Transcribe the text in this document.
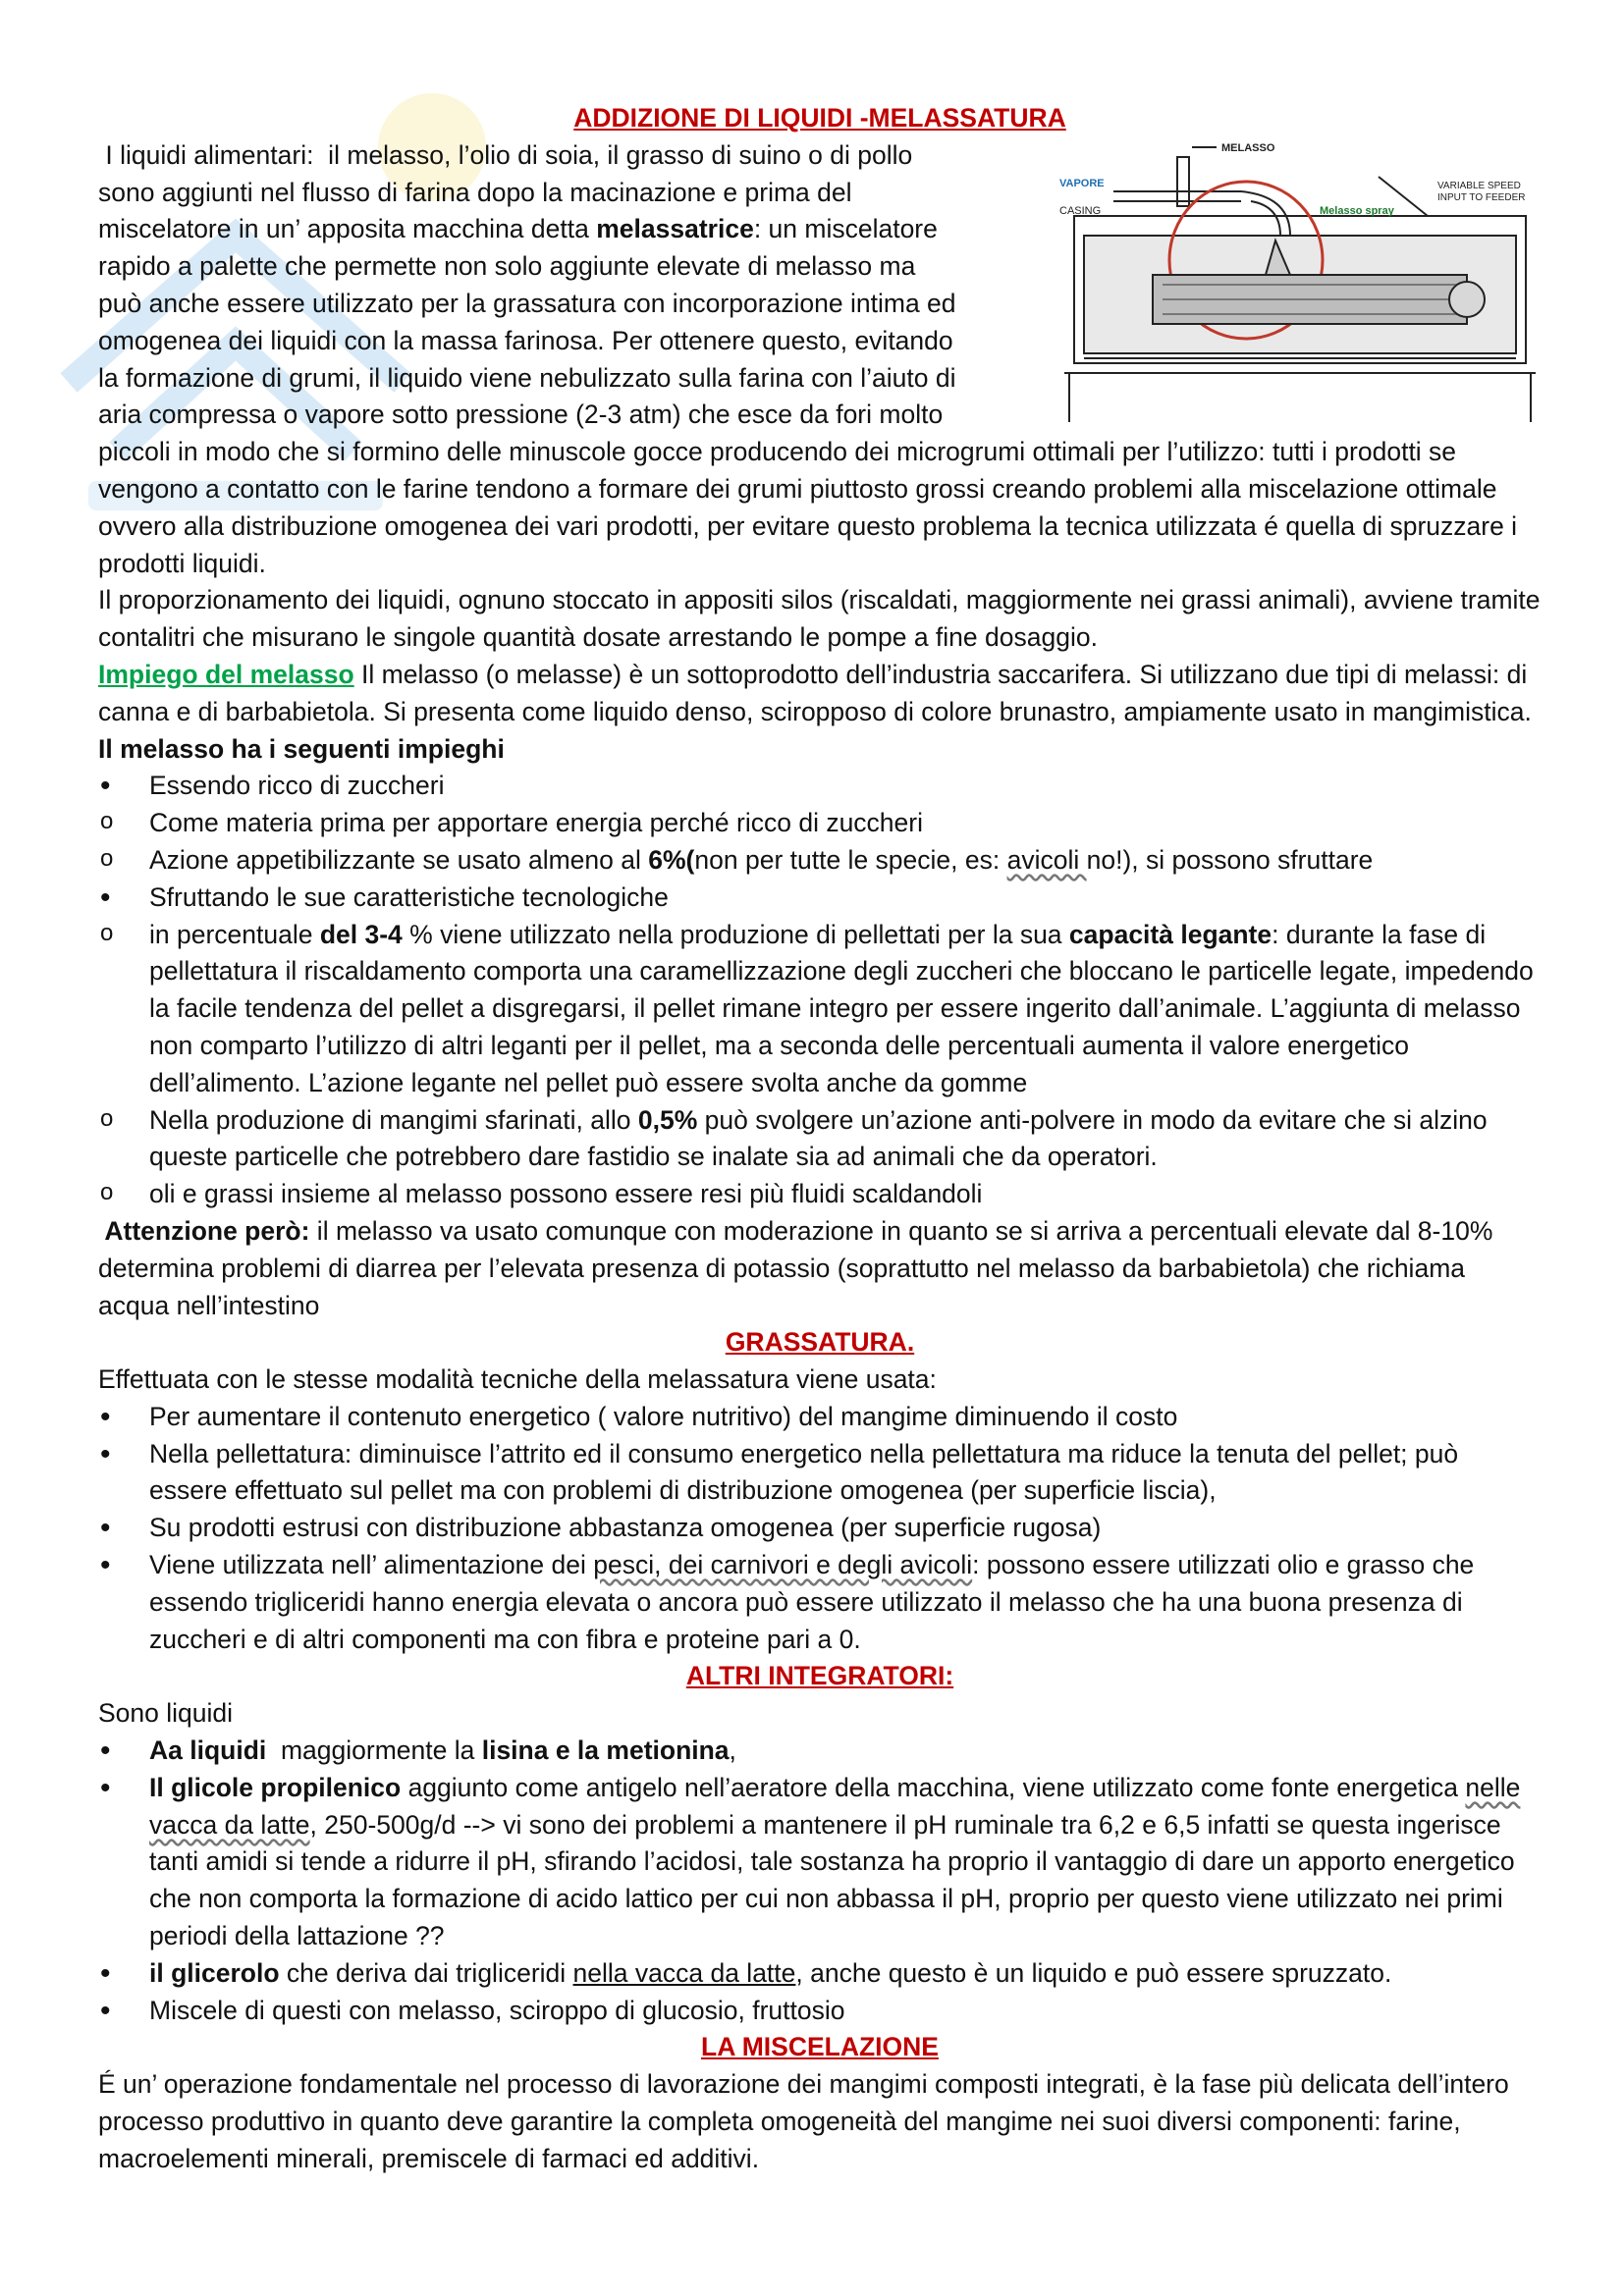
MELASSO
VAPORE
CASING	Melasso spray
VARIABLE SPEED
INPUT TO FEEDER
ADDIZIONE DI LIQUIDI -MELASSATURA
I liquidi alimentari:  il melasso, l’olio di soia, il grasso di suino o di pollo
sono aggiunti nel flusso di farina dopo la macinazione e prima del
miscelatore in un’ apposita macchina detta melassatrice: un miscelatore
rapido a palette che permette non solo aggiunte elevate di melasso ma
può anche essere utilizzato per la grassatura con incorporazione intima ed
omogenea dei liquidi con la massa farinosa. Per ottenere questo, evitando
la formazione di grumi, il liquido viene nebulizzato sulla farina con l’aiuto di
aria compressa o vapore sotto pressione (2-3 atm) che esce da fori molto

piccoli in modo che si formino delle minuscole gocce producendo dei microgrumi ottimali per l’utilizzo: tutti i prodotti se vengono a contatto con le farine tendono a formare dei grumi piuttosto grossi creando problemi alla miscelazione ottimale ovvero alla distribuzione omogenea dei vari prodotti, per evitare questo problema la tecnica utilizzata é quella di spruzzare i prodotti liquidi.

Il proporzionamento dei liquidi, ognuno stoccato in appositi silos (riscaldati, maggiormente nei grassi animali), avviene tramite contalitri che misurano le singole quantità dosate arrestando le pompe a fine dosaggio.

Impiego del melasso Il melasso (o melasse) è un sottoprodotto dell’industria saccarifera. Si utilizzano due tipi di melassi: di canna e di barbabietola. Si presenta come liquido denso, sciropposo di colore brunastro, ampiamente usato in mangimistica. Il melasso ha i seguenti impieghi

• Essendo ricco di zuccheri
o Come materia prima per apportare energia perché ricco di zuccheri
o Azione appetibilizzante se usato almeno al 6%(non per tutte le specie, es: avicoli no!), si possono sfruttare
• Sfruttando le sue caratteristiche tecnologiche
o in percentuale del 3-4 % viene utilizzato nella produzione di pellettati per la sua capacità legante: durante la fase di pellettatura il riscaldamento comporta una caramellizzazione degli zuccheri che bloccano le particelle legate, impedendo la facile tendenza del pellet a disgregarsi, il pellet rimane integro per essere ingerito dall’animale. L’aggiunta di melasso non comparto l’utilizzo di altri leganti per il pellet, ma a seconda delle percentuali aumenta il valore energetico dell’alimento. L’azione legante nel pellet può essere svolta anche da gomme
o Nella produzione di mangimi sfarinati, allo 0,5% può svolgere un’azione anti-polvere in modo da evitare che si alzino queste particelle che potrebbero dare fastidio se inalate sia ad animali che da operatori.
o oli e grassi insieme al melasso possono essere resi più fluidi scaldandoli

Attenzione però: il melasso va usato comunque con moderazione in quanto se si arriva a percentuali elevate dal 8-10% determina problemi di diarrea per l’elevata presenza di potassio (soprattutto nel melasso da barbabietola) che richiama acqua nell’intestino

GRASSATURA.

Effettuata con le stesse modalità tecniche della melassatura viene usata:

• Per aumentare il contenuto energetico ( valore nutritivo) del mangime diminuendo il costo
• Nella pellettatura: diminuisce l’attrito ed il consumo energetico nella pellettatura ma riduce la tenuta del pellet; può essere effettuato sul pellet ma con problemi di distribuzione omogenea (per superficie liscia),
• Su prodotti estrusi con distribuzione abbastanza omogenea (per superficie rugosa)
• Viene utilizzata nell’ alimentazione dei pesci, dei carnivori e degli avicoli: possono essere utilizzati olio e grasso che essendo trigliceridi hanno energia elevata o ancora può essere utilizzato il melasso che ha una buona presenza di zuccheri e di altri componenti ma con fibra e proteine pari a 0.
ALTRI INTEGRATORI:

Sono liquidi

• Aa liquidi  maggiormente la lisina e la metionina,
• Il glicole propilenico aggiunto come antigelo nell’aeratore della macchina, viene utilizzato come fonte energetica nelle vacca da latte, 250-500g/d --> vi sono dei problemi a mantenere il pH ruminale tra 6,2 e 6,5 infatti se questa ingerisce tanti amidi si tende a ridurre il pH, sfirando l’acidosi, tale sostanza ha proprio il vantaggio di dare un apporto energetico che non comporta la formazione di acido lattico per cui non abbassa il pH, proprio per questo viene utilizzato nei primi periodi della lattazione ??
• il glicerolo che deriva dai trigliceridi nella vacca da latte, anche questo è un liquido e può essere spruzzato.
• Miscele di questi con melasso, sciroppo di glucosio, fruttosio
LA MISCELAZIONE

É un’ operazione fondamentale nel processo di lavorazione dei mangimi composti integrati, è la fase più delicata dell’intero processo produttivo in quanto deve garantire la completa omogeneità del mangime nei suoi diversi componenti: farine, macroelementi minerali, premiscele di farmaci ed additivi.
